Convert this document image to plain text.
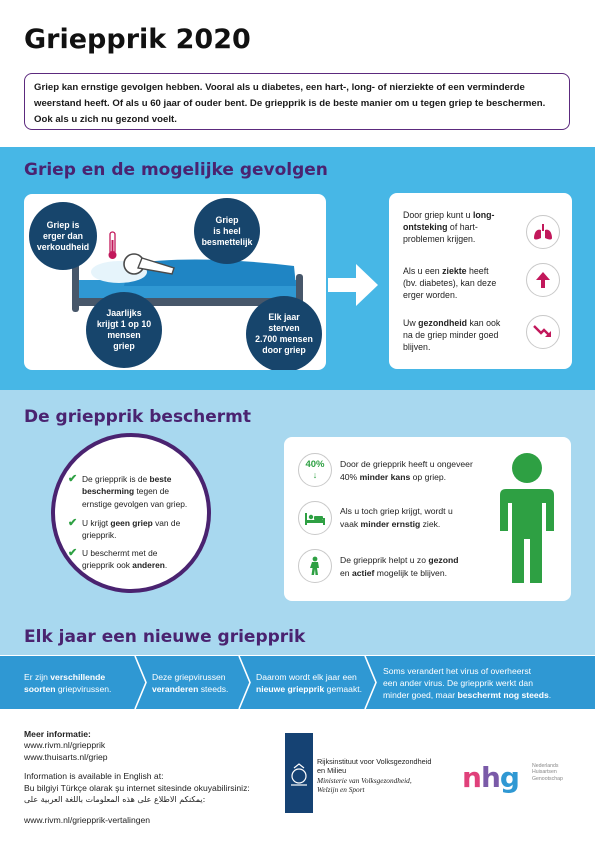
Griepprik 2020
Griep kan ernstige gevolgen hebben. Vooral als u diabetes, een hart-, long- of nierziekte of een verminderde
weerstand heeft. Of als u 60 jaar of ouder bent. De griepprik is de beste manier om u tegen griep te beschermen.
Ook als u zich nu gezond voelt.
Griep en de mogelijke gevolgen
Griep is
erger dan
verkoudheid
Griep
is heel
besmettelijk
Jaarlijks
krijgt 1 op 10
mensen
griep
Elk jaar
sterven
2.700 mensen
door griep
Door griep kunt u long-
ontsteking of hart-
problemen krijgen.
Als u een ziekte heeft
(bv. diabetes), kan deze
erger worden.
Uw gezondheid kan ook
na de griep minder goed
blijven.
De griepprik beschermt
✔ De griepprik is de beste
bescherming tegen de
ernstige gevolgen van griep.
✔ U krijgt geen griep van de
griepprik.
✔ U beschermt met de
griepprik ook anderen.
40%
↓
Door de griepprik heeft u ongeveer
40% minder kans op griep.
Als u toch griep krijgt, wordt u
vaak minder ernstig ziek.
De griepprik helpt u zo gezond
en actief mogelijk te blijven.
Elk jaar een nieuwe griepprik
Er zijn verschillende
soorten griepvirussen.
Deze griepvirussen
veranderen steeds.
Daarom wordt elk jaar een
nieuwe griepprik gemaakt.
Soms verandert het virus of overheerst
een ander virus. De griepprik werkt dan
minder goed, maar beschermt nog steeds.
Meer informatie:
www.rivm.nl/griepprik
www.thuisarts.nl/griep
Information is available in English at:
Bu bilgiyi Türkçe olarak şu internet sitesinde okuyabilirsiniz:
يمكنكم الاطلاع على هذه المعلومات باللغة العربية على:
www.rivm.nl/griepprik-vertalingen
Rijksinstituut voor Volksgezondheid
en Milieu
Ministerie van Volksgezondheid,
Welzijn en Sport	nhg	Nederlands
Huisartsen
Genootschap
